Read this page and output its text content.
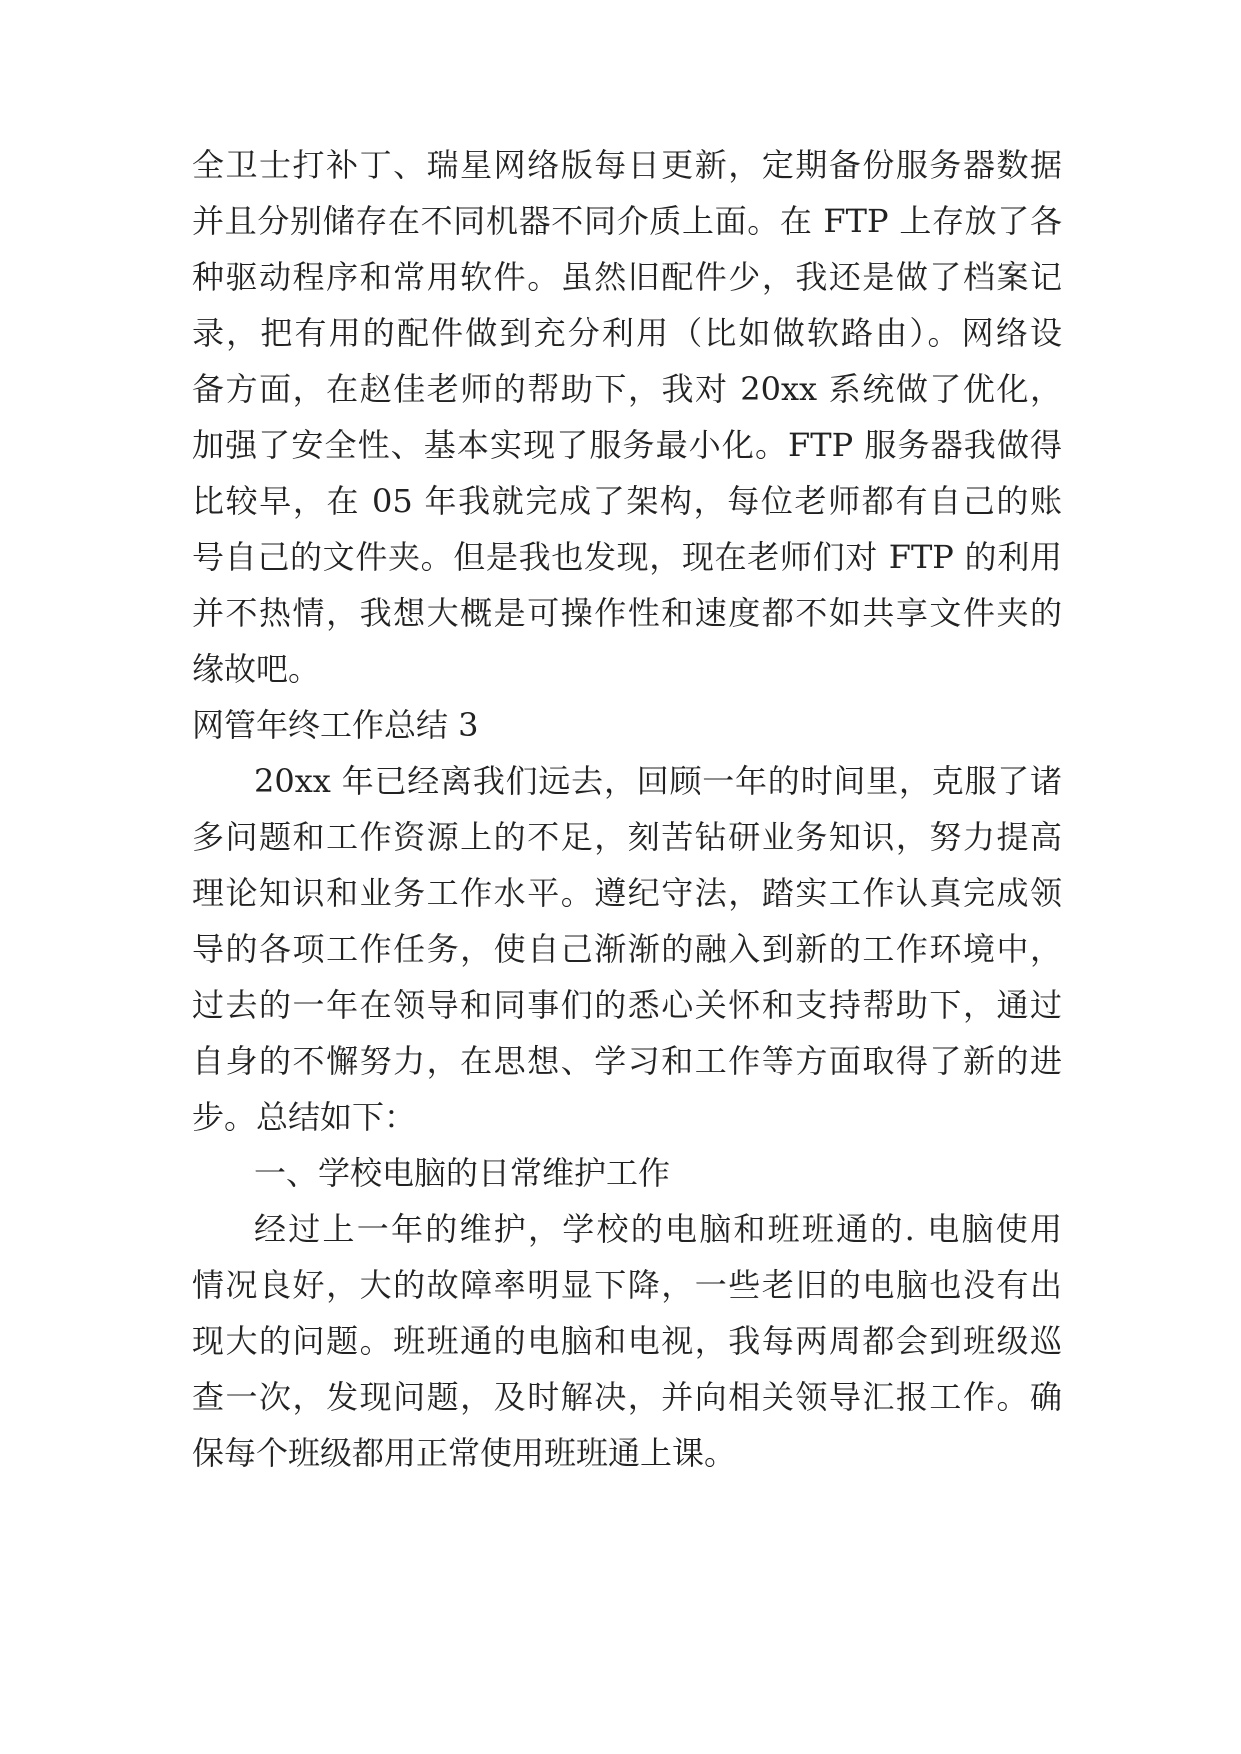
全卫士打补丁、瑞星网络版每日更新，定期备份服务器数据
并且分别储存在不同机器不同介质上面。在 FTP 上存放了各
种驱动程序和常用软件。虽然旧配件少，我还是做了档案记
录，把有用的配件做到充分利用（比如做软路由）。网络设
备方面，在赵佳老师的帮助下，我对 20xx 系统做了优化，
加强了安全性、基本实现了服务最小化。FTP 服务器我做得
比较早，在 05 年我就完成了架构，每位老师都有自己的账
号自己的文件夹。但是我也发现，现在老师们对 FTP 的利用
并不热情，我想大概是可操作性和速度都不如共享文件夹的
缘故吧。
网管年终工作总结 3
20xx 年已经离我们远去，回顾一年的时间里，克服了诸
多问题和工作资源上的不足，刻苦钻研业务知识，努力提高
理论知识和业务工作水平。遵纪守法，踏实工作认真完成领
导的各项工作任务，使自己渐渐的融入到新的工作环境中，
过去的一年在领导和同事们的悉心关怀和支持帮助下，通过
自身的不懈努力，在思想、学习和工作等方面取得了新的进
步。总结如下：
一、学校电脑的日常维护工作
经过上一年的维护，学校的电脑和班班通的. 电脑使用
情况良好，大的故障率明显下降，一些老旧的电脑也没有出
现大的问题。班班通的电脑和电视，我每两周都会到班级巡
查一次，发现问题，及时解决，并向相关领导汇报工作。确
保每个班级都用正常使用班班通上课。
